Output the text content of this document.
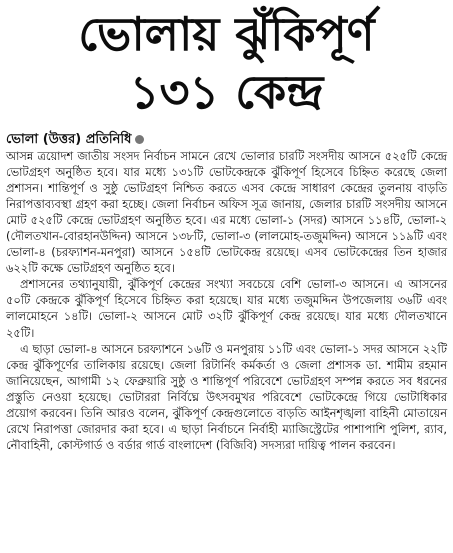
ভোলায় ঝুঁকিপূর্ণ
১৩১ কেন্দ্র
ভোলা (উত্তর) প্রতিনিধি

আসন্ন ত্রয়োদশ জাতীয় সংসদ নির্বাচন সামনে রেখে ভোলার চারটি সংসদীয় আসনে ৫২৫টি কেন্দ্রে ভোটগ্রহণ অনুষ্ঠিত হবে। যার মধ্যে ১৩১টি ভোটকেন্দ্রকে ঝুঁকিপূর্ণ হিসেবে চিহ্নিত করেছে জেলা প্রশাসন। শান্তিপূর্ণ ও সুষ্ঠু ভোটগ্রহণ নিশ্চিত করতে এসব কেন্দ্রে সাধারণ কেন্দ্রের তুলনায় বাড়তি নিরাপত্তাব্যবস্থা গ্রহণ করা হচ্ছে। জেলা নির্বাচন অফিস সূত্র জানায়, জেলার চারটি সংসদীয় আসনে মোট ৫২৫টি কেন্দ্রে ভোটগ্রহণ অনুষ্ঠিত হবে। এর মধ্যে ভোলা-১ (সদর) আসনে ১১৪টি, ভোলা-২ (দৌলতখান-বোরহানউদ্দিন) আসনে ১৩৮টি, ভোলা-৩ (লালমোহ-তজুমদ্দিন) আসনে ১১৯টি এবং ভোলা-৪ (চরফ্যাশন-মনপুরা) আসনে ১৫৪টি ভোটকেন্দ্র রয়েছে। এসব ভোটকেন্দ্রের তিন হাজার ৬২২টি কক্ষে ভোটগ্রহণ অনুষ্ঠিত হবে।

প্রশাসনের তথ্যানুযায়ী, ঝুঁকিপূর্ণ কেন্দ্রের সংখ্যা সবচেয়ে বেশি ভোলা-৩ আসনে। এ আসনের ৫০টি কেন্দ্রকে ঝুঁকিপূর্ণ হিসেবে চিহ্নিত করা হয়েছে। যার মধ্যে তজুমদ্দিন উপজেলায় ৩৬টি এবং লালমোহনে ১৪টি। ভোলা-২ আসনে মোট ৩২টি ঝুঁকিপূর্ণ কেন্দ্র রয়েছে। যার মধ্যে দৌলতখানে ২৫টি।

এ ছাড়া ভোলা-৪ আসনে চরফ্যাশনে ১৬টি ও মনপুরায় ১১টি এবং ভোলা-১ সদর আসনে ২২টি কেন্দ্র ঝুঁকিপূর্ণের তালিকায় রয়েছে। জেলা রিটার্নিং কর্মকর্তা ও জেলা প্রশাসক ডা. শামীম রহমান জানিয়েছেন, আগামী ১২ ফেব্রুয়ারি সুষ্ঠু ও শান্তিপূর্ণ পরিবেশে ভোটগ্রহণ সম্পন্ন করতে সব ধরনের প্রস্তুতি নেওয়া হয়েছে। ভোটাররা নির্বিঘ্নে উৎসবমুখর পরিবেশে ভোটকেন্দ্রে গিয়ে ভোটাধিকার প্রয়োগ করবেন। তিনি আরও বলেন, ঝুঁকিপূর্ণ কেন্দ্রগুলোতে বাড়তি আইনশৃঙ্খলা বাহিনী মোতায়েন রেখে নিরাপত্তা জোরদার করা হবে। এ ছাড়া নির্বাচনে নির্বাহী ম্যাজিস্ট্রেটের পাশাপাশি পুলিশ, র‍্যাব, নৌবাহিনী, কোস্টগার্ড ও বর্ডার গার্ড বাংলাদেশ (বিজিবি) সদস্যরা দায়িত্ব পালন করবেন।
